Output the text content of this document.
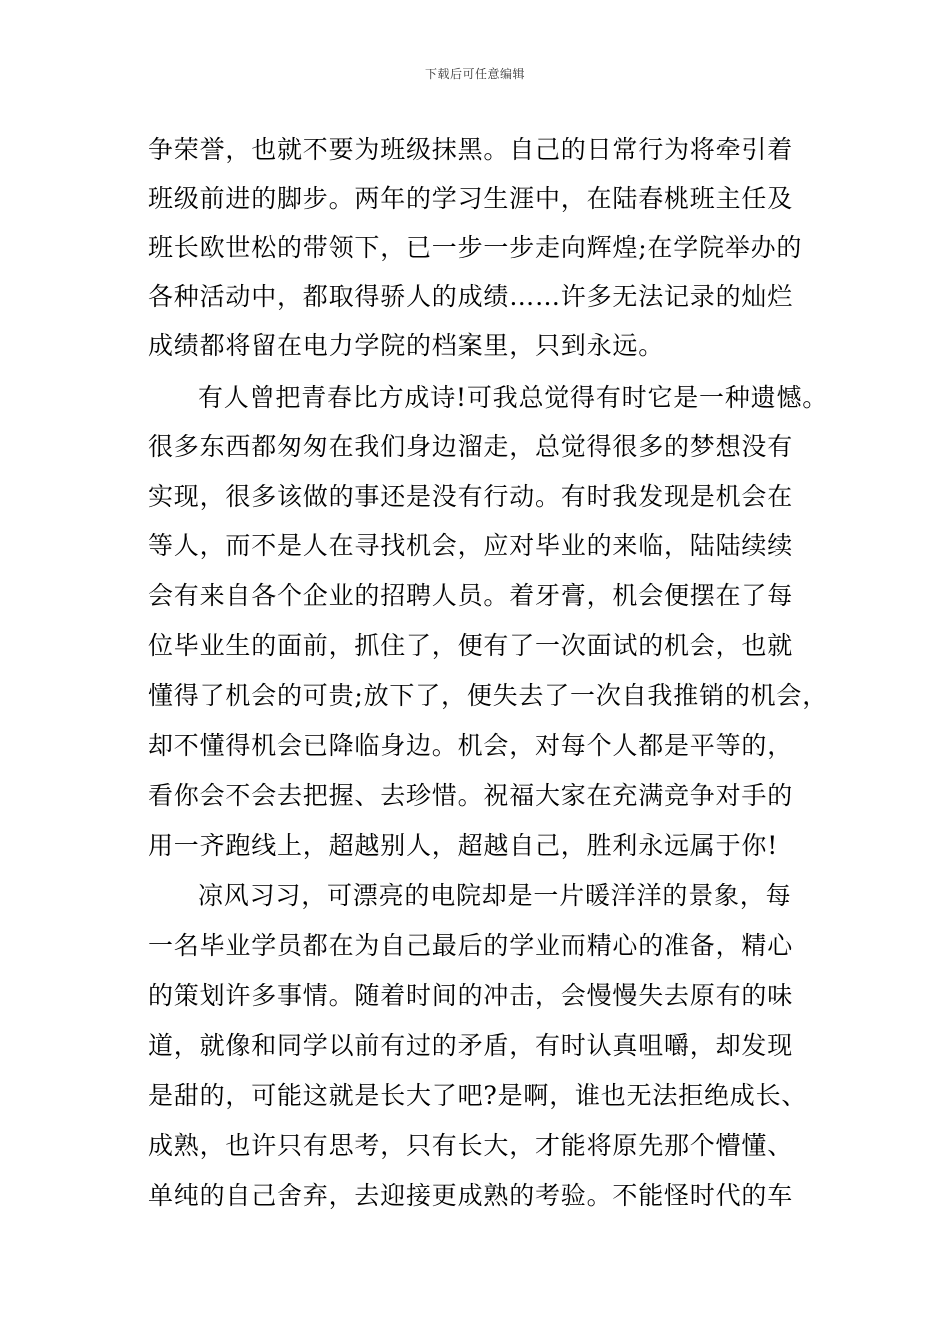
下载后可任意编辑
争荣誉，也就不要为班级抹黑。自己的日常行为将牵引着
班级前进的脚步。两年的学习生涯中，在陆春桃班主任及
班长欧世松的带领下，已一步一步走向辉煌;在学院举办的
各种活动中，都取得骄人的成绩……许多无法记录的灿烂
成绩都将留在电力学院的档案里，只到永远。
有人曾把青春比方成诗!可我总觉得有时它是一种遗憾。
很多东西都匆匆在我们身边溜走，总觉得很多的梦想没有
实现，很多该做的事还是没有行动。有时我发现是机会在
等人，而不是人在寻找机会，应对毕业的来临，陆陆续续
会有来自各个企业的招聘人员。着牙膏，机会便摆在了每
位毕业生的面前，抓住了，便有了一次面试的机会，也就
懂得了机会的可贵;放下了，便失去了一次自我推销的机会，
却不懂得机会已降临身边。机会，对每个人都是平等的，
看你会不会去把握、去珍惜。祝福大家在充满竞争对手的
用一齐跑线上，超越别人，超越自己，胜利永远属于你!
凉风习习，可漂亮的电院却是一片暖洋洋的景象，每
一名毕业学员都在为自己最后的学业而精心的准备，精心
的策划许多事情。随着时间的冲击，会慢慢失去原有的味
道，就像和同学以前有过的矛盾，有时认真咀嚼，却发现
是甜的，可能这就是长大了吧?是啊，谁也无法拒绝成长、
成熟，也许只有思考，只有长大，才能将原先那个懵懂、
单纯的自己舍弃，去迎接更成熟的考验。不能怪时代的车
